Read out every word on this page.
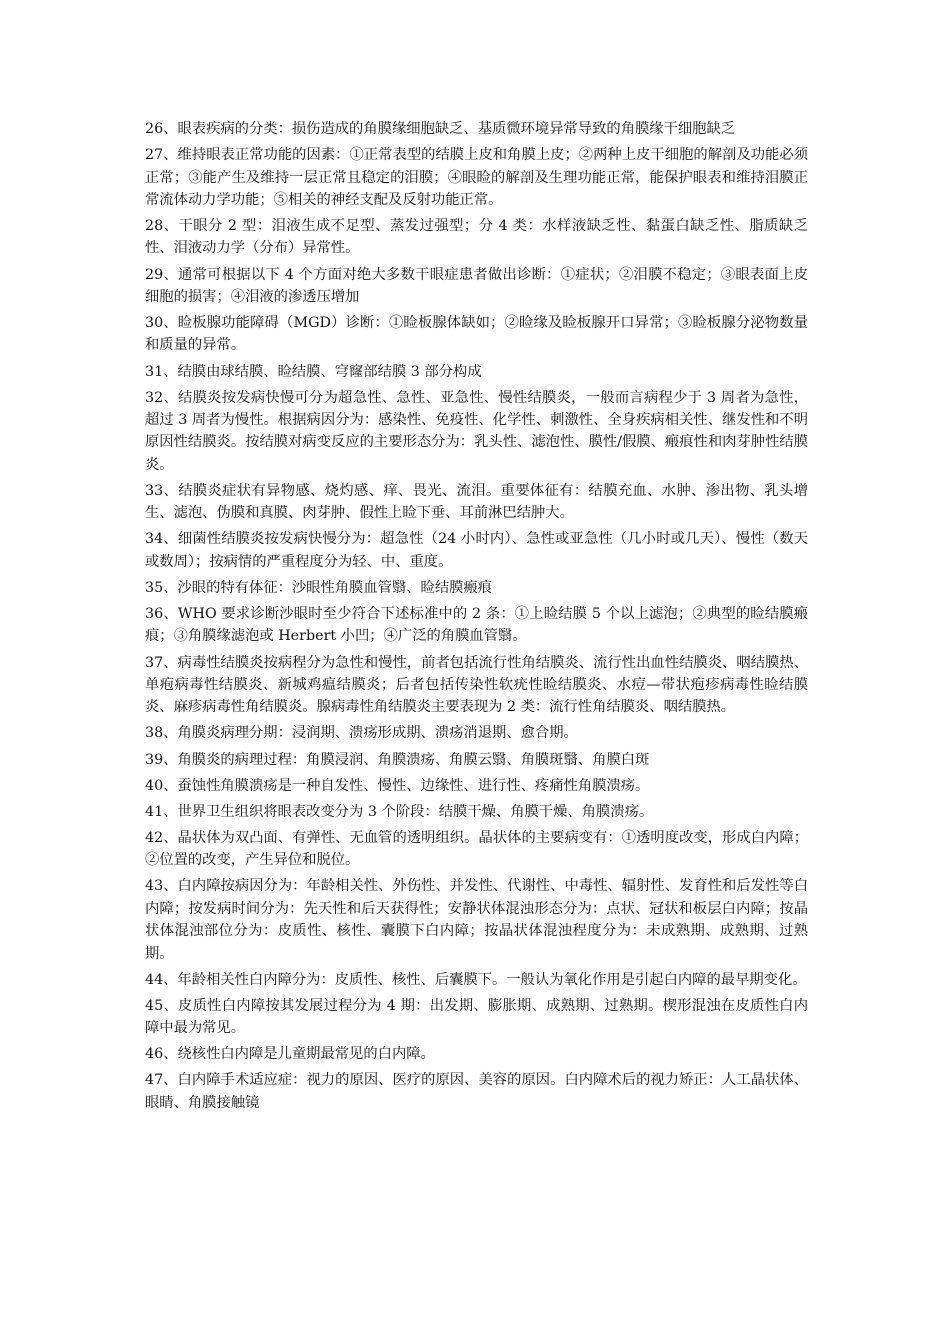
26、眼表疾病的分类：损伤造成的角膜缘细胞缺乏、基质微环境异常导致的角膜缘干细胞缺乏

27、维持眼表正常功能的因素：①正常表型的结膜上皮和角膜上皮；②两种上皮干细胞的解剖及功能必须正常；③能产生及维持一层正常且稳定的泪膜；④眼睑的解剖及生理功能正常，能保护眼表和维持泪膜正常流体动力学功能；⑤相关的神经支配及反射功能正常。

28、干眼分 2 型：泪液生成不足型、蒸发过强型；分 4 类：水样液缺乏性、黏蛋白缺乏性、脂质缺乏性、泪液动力学（分布）异常性。

29、通常可根据以下 4 个方面对绝大多数干眼症患者做出诊断：①症状；②泪膜不稳定；③眼表面上皮细胞的损害；④泪液的渗透压增加

30、睑板腺功能障碍（MGD）诊断：①睑板腺体缺如；②睑缘及睑板腺开口异常；③睑板腺分泌物数量和质量的异常。

31、结膜由球结膜、睑结膜、穹窿部结膜 3 部分构成

32、结膜炎按发病快慢可分为超急性、急性、亚急性、慢性结膜炎，一般而言病程少于 3 周者为急性，超过 3 周者为慢性。根据病因分为：感染性、免疫性、化学性、刺激性、全身疾病相关性、继发性和不明原因性结膜炎。按结膜对病变反应的主要形态分为：乳头性、滤泡性、膜性/假膜、瘢痕性和肉芽肿性结膜炎。

33、结膜炎症状有异物感、烧灼感、痒、畏光、流泪。重要体征有：结膜充血、水肿、渗出物、乳头增生、滤泡、伪膜和真膜、肉芽肿、假性上睑下垂、耳前淋巴结肿大。

34、细菌性结膜炎按发病快慢分为：超急性（24 小时内）、急性或亚急性（几小时或几天）、慢性（数天或数周）；按病情的严重程度分为轻、中、重度。

35、沙眼的特有体征：沙眼性角膜血管翳、睑结膜瘢痕

36、WHO 要求诊断沙眼时至少符合下述标准中的 2 条：①上睑结膜 5 个以上滤泡；②典型的睑结膜瘢痕；③角膜缘滤泡或 Herbert 小凹；④广泛的角膜血管翳。

37、病毒性结膜炎按病程分为急性和慢性，前者包括流行性角结膜炎、流行性出血性结膜炎、咽结膜热、单疱病毒性结膜炎、新城鸡瘟结膜炎；后者包括传染性软疣性睑结膜炎、水痘—带状疱疹病毒性睑结膜炎、麻疹病毒性角结膜炎。腺病毒性角结膜炎主要表现为 2 类：流行性角结膜炎、咽结膜热。

38、角膜炎病理分期：浸润期、溃疡形成期、溃疡消退期、愈合期。

39、角膜炎的病理过程：角膜浸润、角膜溃疡、角膜云翳、角膜斑翳、角膜白斑

40、蚕蚀性角膜溃疡是一种自发性、慢性、边缘性、进行性、疼痛性角膜溃疡。

41、世界卫生组织将眼表改变分为 3 个阶段：结膜干燥、角膜干燥、角膜溃疡。

42、晶状体为双凸面、有弹性、无血管的透明组织。晶状体的主要病变有：①透明度改变，形成白内障；②位置的改变，产生异位和脱位。

43、白内障按病因分为：年龄相关性、外伤性、并发性、代谢性、中毒性、辐射性、发育性和后发性等白内障；按发病时间分为：先天性和后天获得性；安静状体混浊形态分为：点状、冠状和板层白内障；按晶状体混浊部位分为：皮质性、核性、囊膜下白内障；按晶状体混浊程度分为：未成熟期、成熟期、过熟期。

44、年龄相关性白内障分为：皮质性、核性、后囊膜下。一般认为氧化作用是引起白内障的最早期变化。

45、皮质性白内障按其发展过程分为 4 期：出发期、膨胀期、成熟期、过熟期。楔形混浊在皮质性白内障中最为常见。

46、绕核性白内障是儿童期最常见的白内障。

47、白内障手术适应症：视力的原因、医疗的原因、美容的原因。白内障术后的视力矫正：人工晶状体、眼睛、角膜接触镜
